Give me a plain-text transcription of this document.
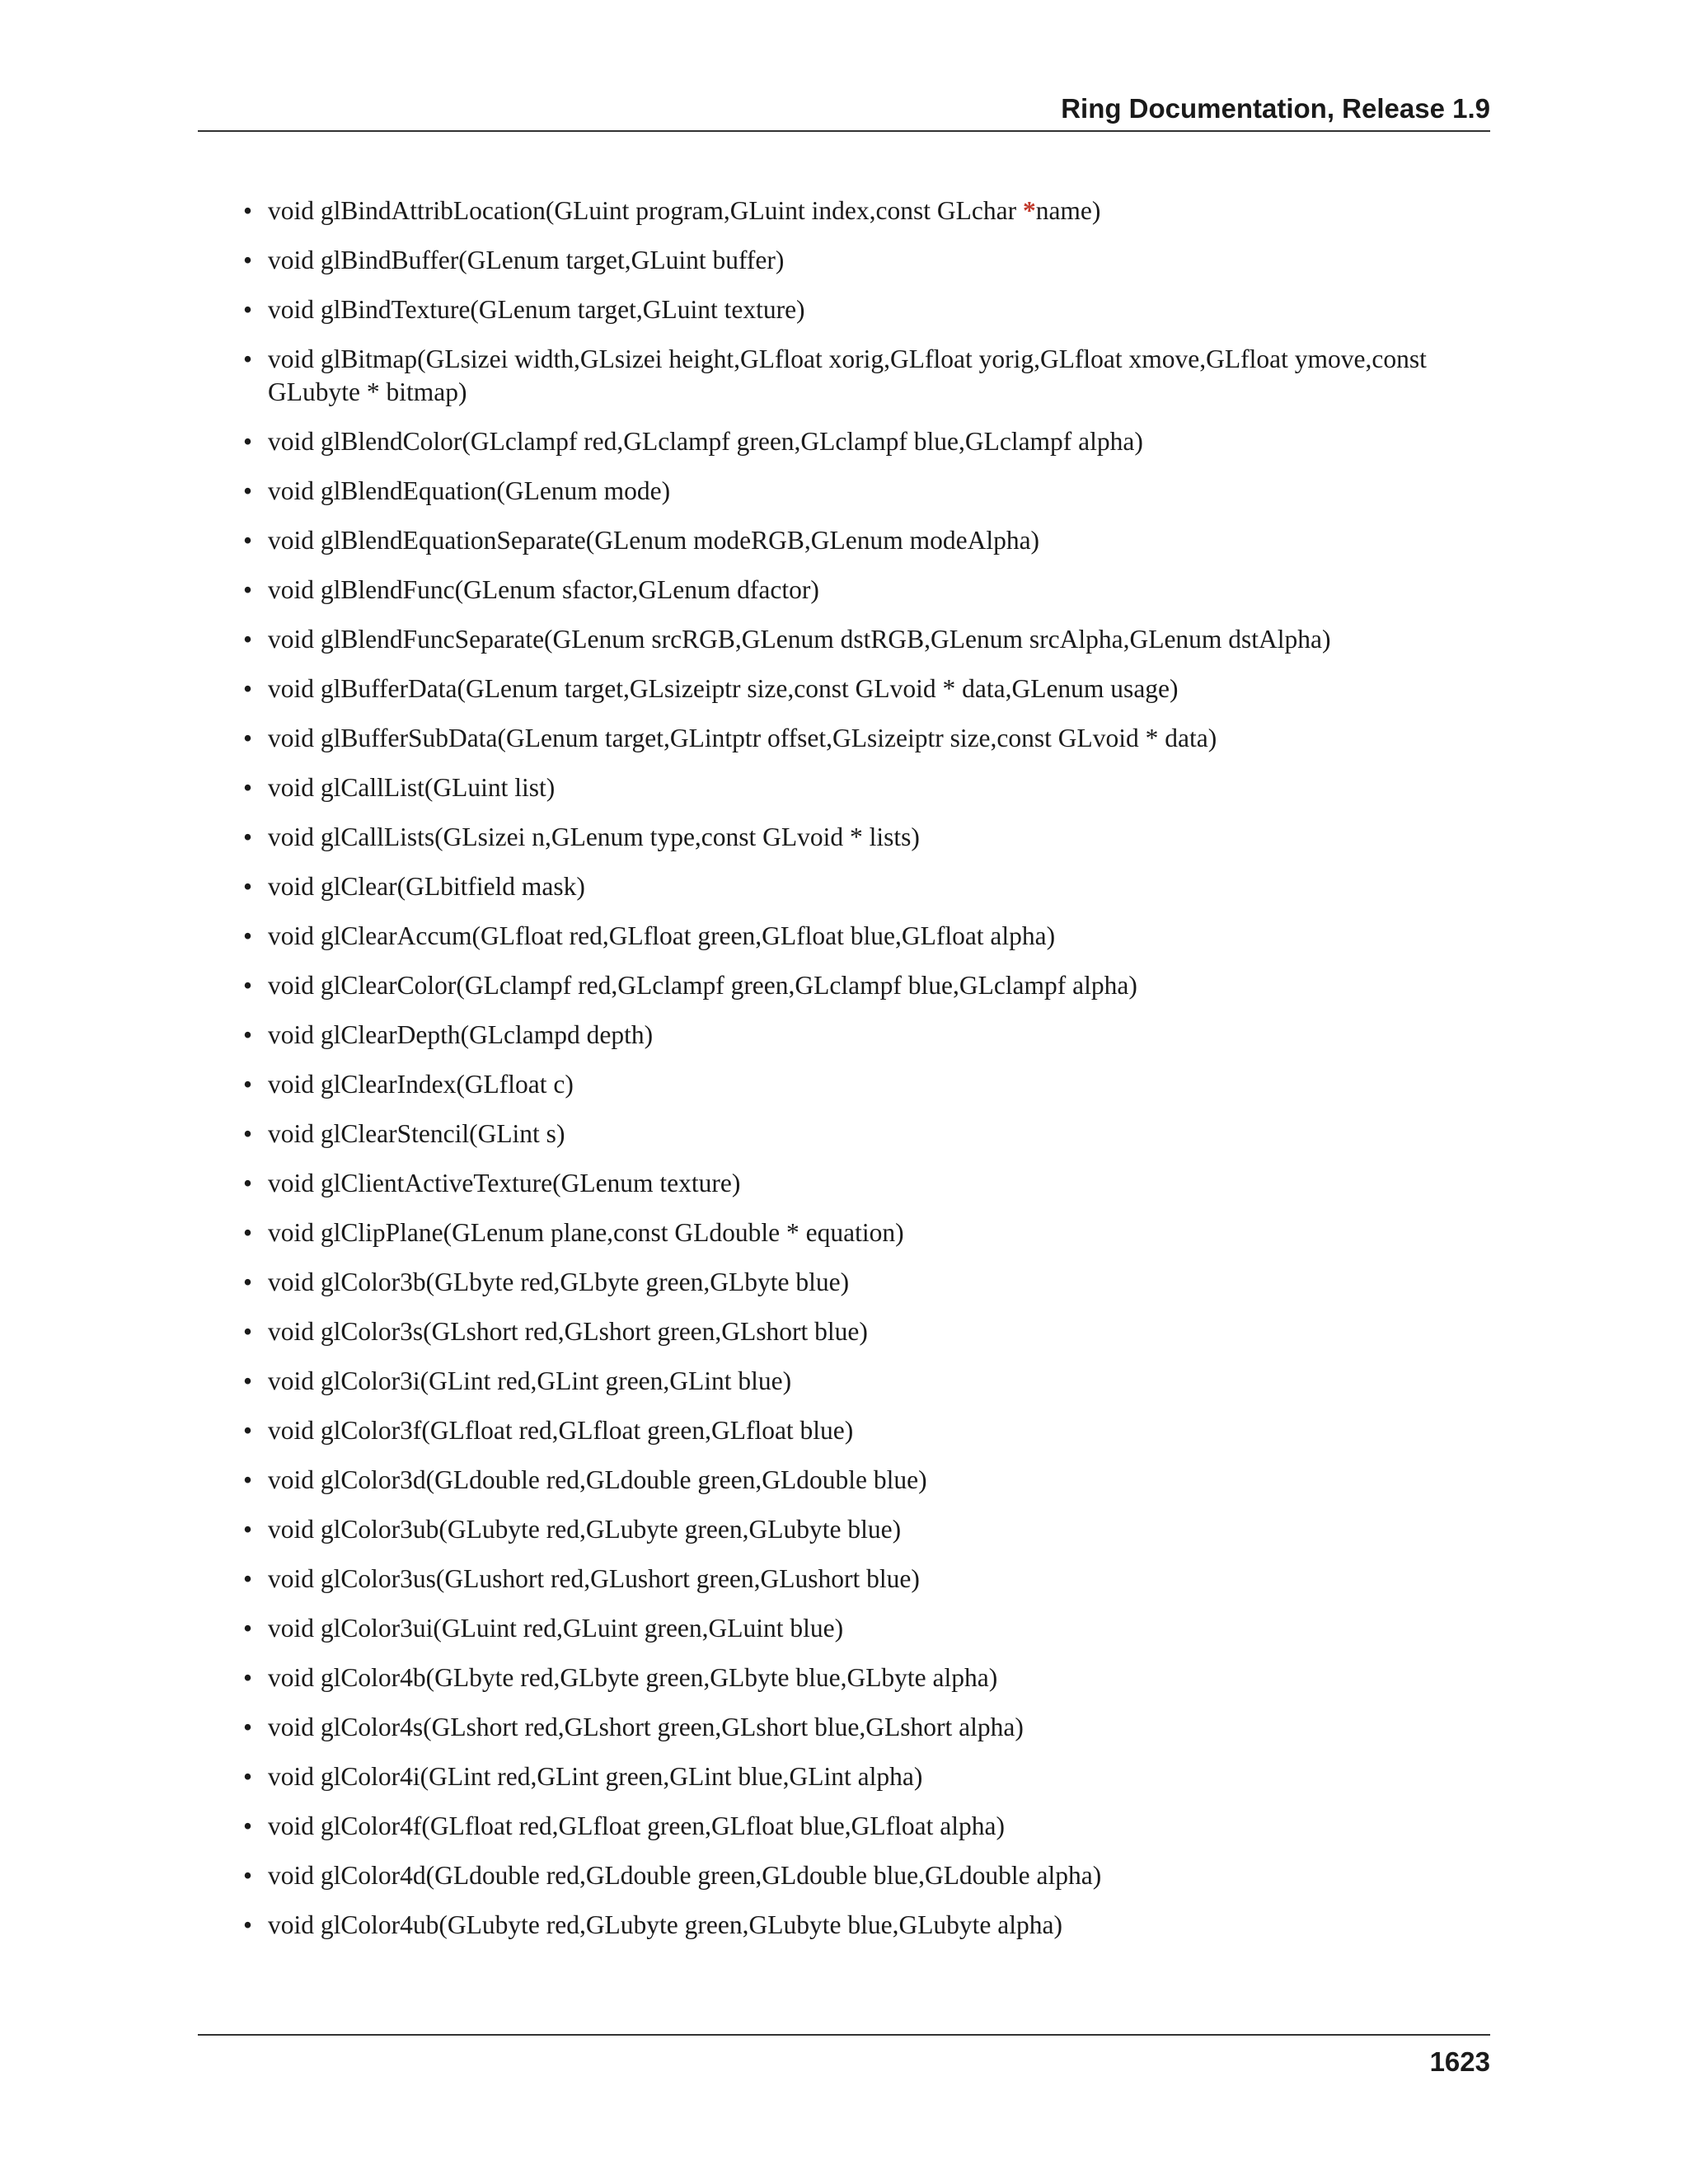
Ring Documentation, Release 1.9
• void glBindAttribLocation(GLuint program,GLuint index,const GLchar *name)
• void glBindBuffer(GLenum target,GLuint buffer)
• void glBindTexture(GLenum target,GLuint texture)
• void glBitmap(GLsizei width,GLsizei height,GLfloat xorig,GLfloat yorig,GLfloat xmove,GLfloat ymove,const GLubyte * bitmap)
• void glBlendColor(GLclampf red,GLclampf green,GLclampf blue,GLclampf alpha)
• void glBlendEquation(GLenum mode)
• void glBlendEquationSeparate(GLenum modeRGB,GLenum modeAlpha)
• void glBlendFunc(GLenum sfactor,GLenum dfactor)
• void glBlendFuncSeparate(GLenum srcRGB,GLenum dstRGB,GLenum srcAlpha,GLenum dstAlpha)
• void glBufferData(GLenum target,GLsizeiptr size,const GLvoid * data,GLenum usage)
• void glBufferSubData(GLenum target,GLintptr offset,GLsizeiptr size,const GLvoid * data)
• void glCallList(GLuint list)
• void glCallLists(GLsizei n,GLenum type,const GLvoid * lists)
• void glClear(GLbitfield mask)
• void glClearAccum(GLfloat red,GLfloat green,GLfloat blue,GLfloat alpha)
• void glClearColor(GLclampf red,GLclampf green,GLclampf blue,GLclampf alpha)
• void glClearDepth(GLclampd depth)
• void glClearIndex(GLfloat c)
• void glClearStencil(GLint s)
• void glClientActiveTexture(GLenum texture)
• void glClipPlane(GLenum plane,const GLdouble * equation)
• void glColor3b(GLbyte red,GLbyte green,GLbyte blue)
• void glColor3s(GLshort red,GLshort green,GLshort blue)
• void glColor3i(GLint red,GLint green,GLint blue)
• void glColor3f(GLfloat red,GLfloat green,GLfloat blue)
• void glColor3d(GLdouble red,GLdouble green,GLdouble blue)
• void glColor3ub(GLubyte red,GLubyte green,GLubyte blue)
• void glColor3us(GLushort red,GLushort green,GLushort blue)
• void glColor3ui(GLuint red,GLuint green,GLuint blue)
• void glColor4b(GLbyte red,GLbyte green,GLbyte blue,GLbyte alpha)
• void glColor4s(GLshort red,GLshort green,GLshort blue,GLshort alpha)
• void glColor4i(GLint red,GLint green,GLint blue,GLint alpha)
• void glColor4f(GLfloat red,GLfloat green,GLfloat blue,GLfloat alpha)
• void glColor4d(GLdouble red,GLdouble green,GLdouble blue,GLdouble alpha)
• void glColor4ub(GLubyte red,GLubyte green,GLubyte blue,GLubyte alpha)
1623
